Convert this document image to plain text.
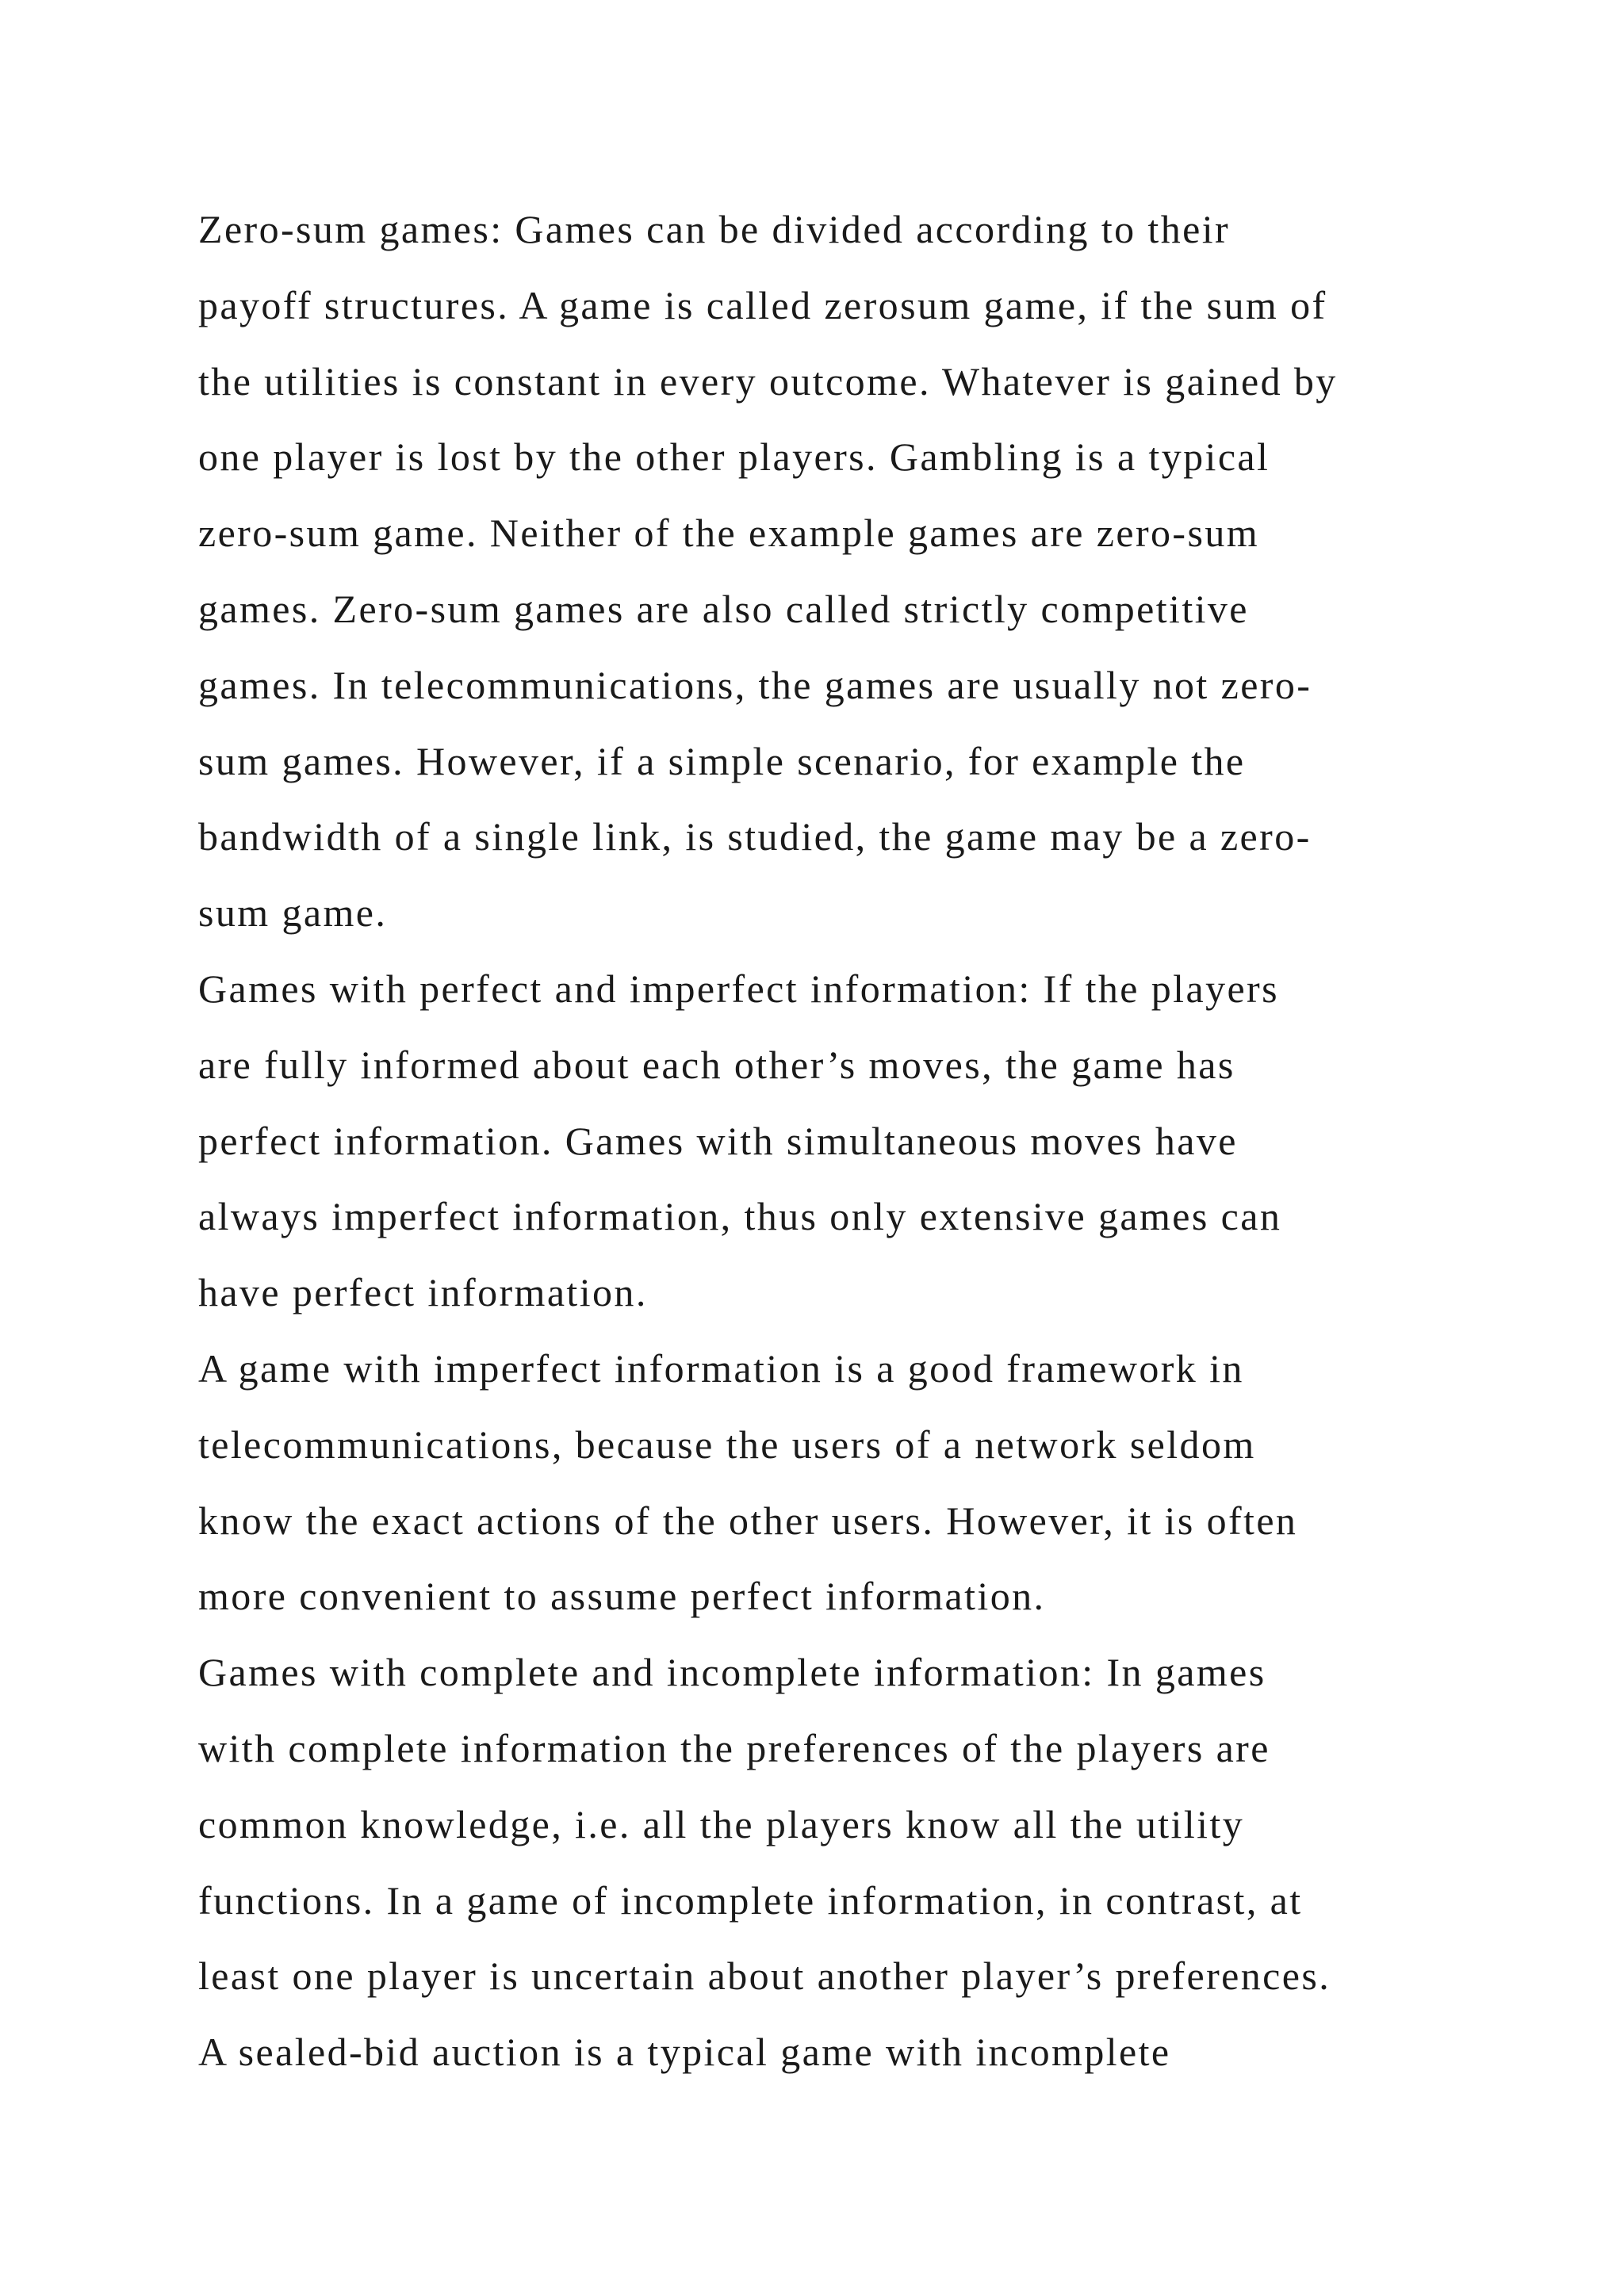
Zero-sum games: Games can be divided according to their
payoff structures. A game is called zerosum game, if the sum of
the utilities is constant in every outcome. Whatever is gained by
one player is lost by the other players. Gambling is a typical
zero-sum game. Neither of the example games are zero-sum
games. Zero-sum games are also called strictly competitive
games. In telecommunications, the games are usually not zero-
sum games. However, if a simple scenario, for example the
bandwidth of a single link, is studied, the game may be a zero-
sum game.
Games with perfect and imperfect information: If the players
are fully informed about each other’s moves, the game has
perfect information. Games with simultaneous moves have
always imperfect information, thus only extensive games can
have perfect information.
A game with imperfect information is a good framework in
telecommunications, because the users of a network seldom
know the exact actions of the other users. However, it is often
more convenient to assume perfect information.
Games with complete and incomplete information: In games
with complete information the preferences of the players are
common knowledge, i.e. all the players know all the utility
functions. In a game of incomplete information, in contrast, at
least one player is uncertain about another player’s preferences.
A sealed-bid auction is a typical game with incomplete
